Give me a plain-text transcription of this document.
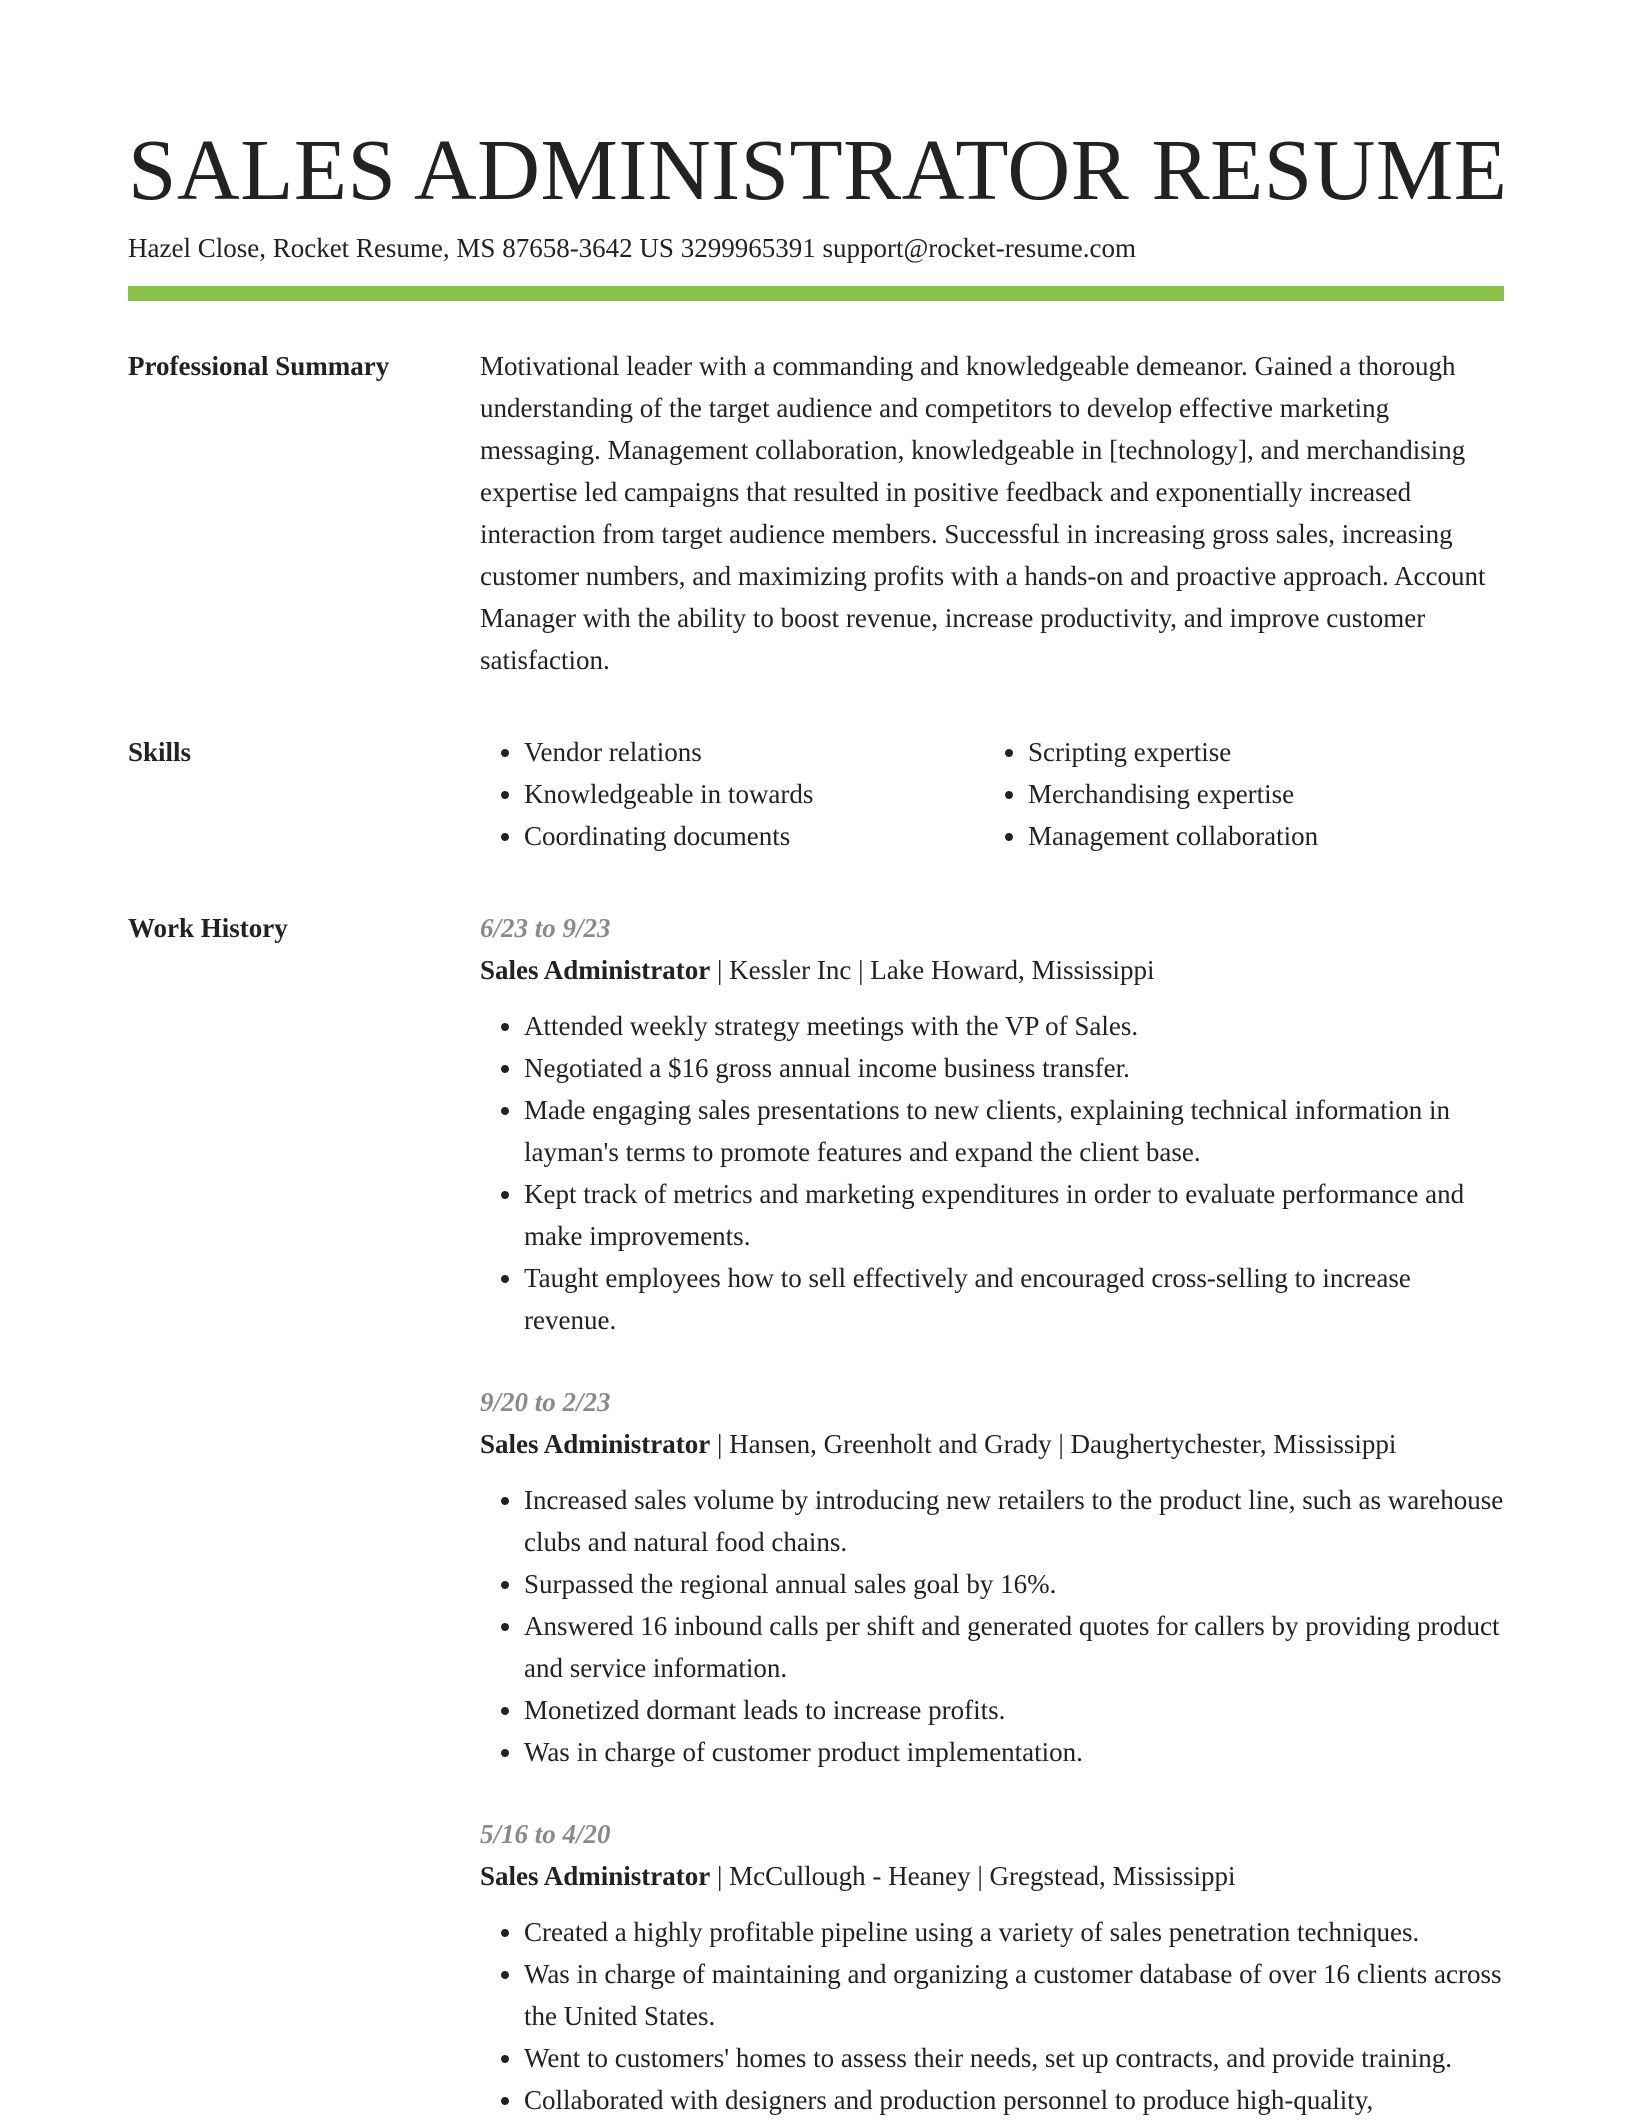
SALES ADMINISTRATOR RESUME
Hazel Close, Rocket Resume, MS 87658-3642 US 3299965391 support@rocket-resume.com
Professional Summary	Motivational leader with a commanding and knowledgeable demeanor. Gained a thorough understanding of the target audience and competitors to develop effective marketing messaging. Management collaboration, knowledgeable in [technology], and merchandising expertise led campaigns that resulted in positive feedback and exponentially increased interaction from target audience members. Successful in increasing gross sales, increasing customer numbers, and maximizing profits with a hands-on and proactive approach. Account Manager with the ability to boost revenue, increase productivity, and improve customer satisfaction.

Skills
•	Vendor relations
• Knowledgeable in towards
• Coordinating documents
• Scripting expertise
• Merchandising expertise
• Management collaboration
Work History	6/23 to 9/23
Sales Administrator | Kessler Inc | Lake Howard, Mississippi
• Attended weekly strategy meetings with the VP of Sales.
• Negotiated a $16 gross annual income business transfer.
• Made engaging sales presentations to new clients, explaining technical information in layman's terms to promote features and expand the client base.
• Kept track of metrics and marketing expenditures in order to evaluate performance and make improvements.
• Taught employees how to sell effectively and encouraged cross-selling to increase revenue.
9/20 to 2/23
Sales Administrator | Hansen, Greenholt and Grady | Daughertychester, Mississippi
• Increased sales volume by introducing new retailers to the product line, such as warehouse clubs and natural food chains.
• Surpassed the regional annual sales goal by 16%.
• Answered 16 inbound calls per shift and generated quotes for callers by providing product and service information.
• Monetized dormant leads to increase profits.
• Was in charge of customer product implementation.
5/16 to 4/20
Sales Administrator | McCullough - Heaney | Gregstead, Mississippi
• Created a highly profitable pipeline using a variety of sales penetration techniques.
• Was in charge of maintaining and organizing a customer database of over 16 clients across the United States.
• Went to customers' homes to assess their needs, set up contracts, and provide training.
• Collaborated with designers and production personnel to produce high-quality,
